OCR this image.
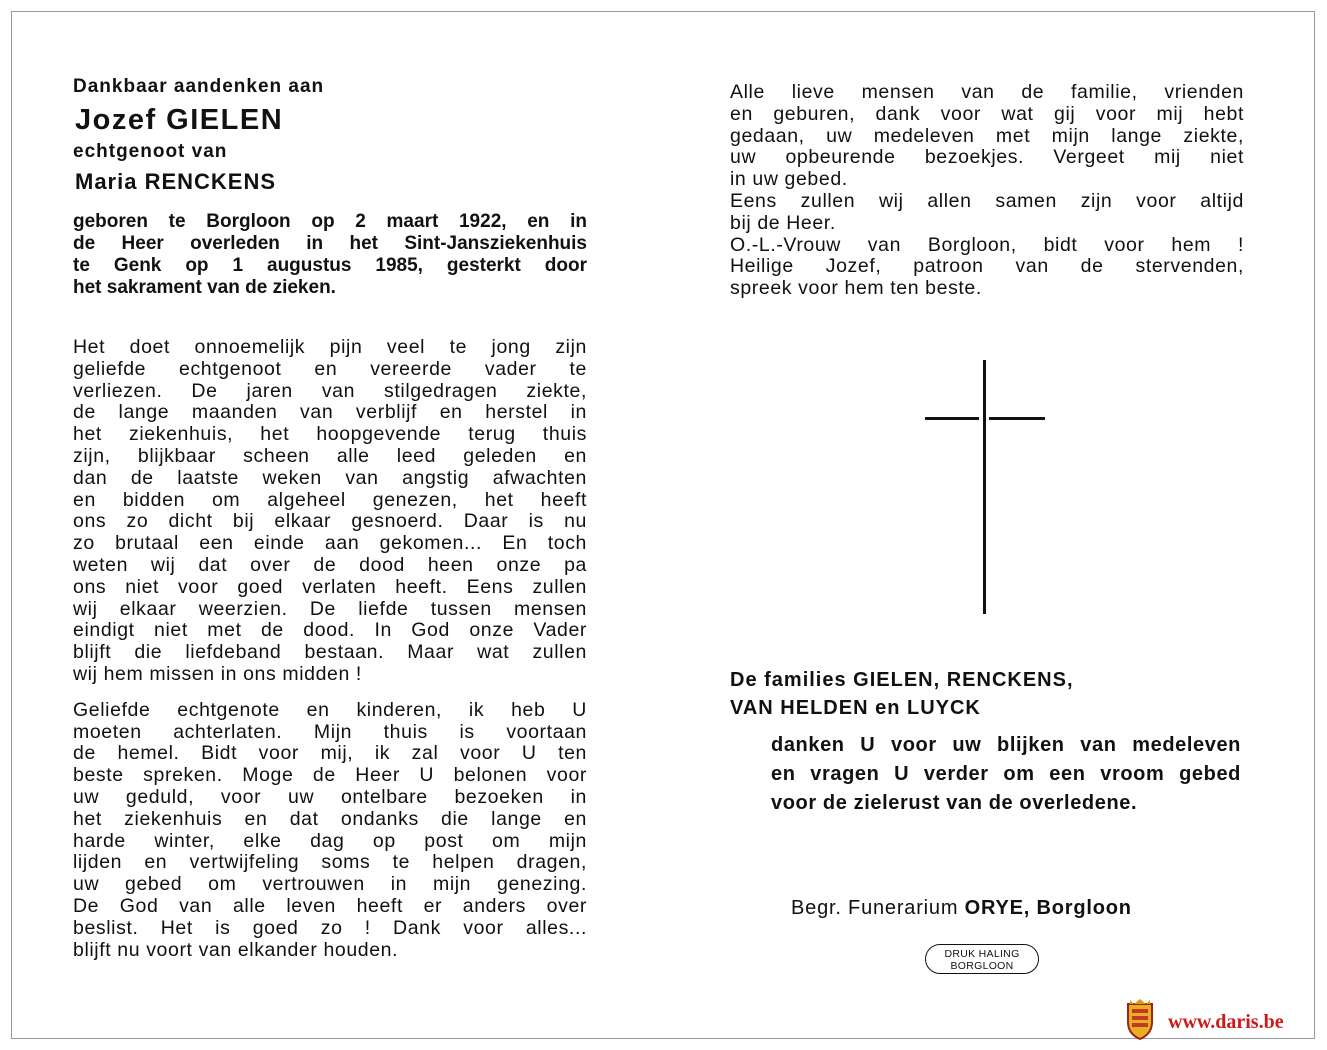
Dankbaar aandenken aan
Jozef GIELEN
echtgenoot van
Maria RENCKENS
geboren te Borgloon op 2 maart 1922, en in
de Heer overleden in het Sint-Jansziekenhuis
te Genk op 1 augustus 1985, gesterkt door
het sakrament van de zieken.
Het doet onnoemelijk pijn veel te jong zijn
geliefde echtgenoot en vereerde vader te
verliezen. De jaren van stilgedragen ziekte,
de lange maanden van verblijf en herstel in
het ziekenhuis, het hoopgevende terug thuis
zijn, blijkbaar scheen alle leed geleden en
dan de laatste weken van angstig afwachten
en bidden om algeheel genezen, het heeft
ons zo dicht bij elkaar gesnoerd. Daar is nu
zo brutaal een einde aan gekomen... En toch
weten wij dat over de dood heen onze pa
ons niet voor goed verlaten heeft. Eens zullen
wij elkaar weerzien. De liefde tussen mensen
eindigt niet met de dood. In God onze Vader
blijft die liefdeband bestaan. Maar wat zullen
wij hem missen in ons midden !
Geliefde echtgenote en kinderen, ik heb U
moeten achterlaten. Mijn thuis is voortaan
de hemel. Bidt voor mij, ik zal voor U ten
beste spreken. Moge de Heer U belonen voor
uw geduld, voor uw ontelbare bezoeken in
het ziekenhuis en dat ondanks die lange en
harde winter, elke dag op post om mijn
lijden en vertwijfeling soms te helpen dragen,
uw gebed om vertrouwen in mijn genezing.
De God van alle leven heeft er anders over
beslist. Het is goed zo ! Dank voor alles...
blijft nu voort van elkander houden.
Alle lieve mensen van de familie, vrienden
en geburen, dank voor wat gij voor mij hebt
gedaan, uw medeleven met mijn lange ziekte,
uw opbeurende bezoekjes. Vergeet mij niet
in uw gebed.
Eens zullen wij allen samen zijn voor altijd
bij de Heer.
O.-L.-Vrouw van Borgloon, bidt voor hem !
Heilige Jozef, patroon van de stervenden,
spreek voor hem ten beste.
De families GIELEN, RENCKENS,
VAN HELDEN en LUYCK
danken U voor uw blijken van medeleven
en vragen U verder om een vroom gebed
voor de zielerust van de overledene.
Begr. Funerarium ORYE, Borgloon
DRUK HALING
BORGLOON
www.daris.be
